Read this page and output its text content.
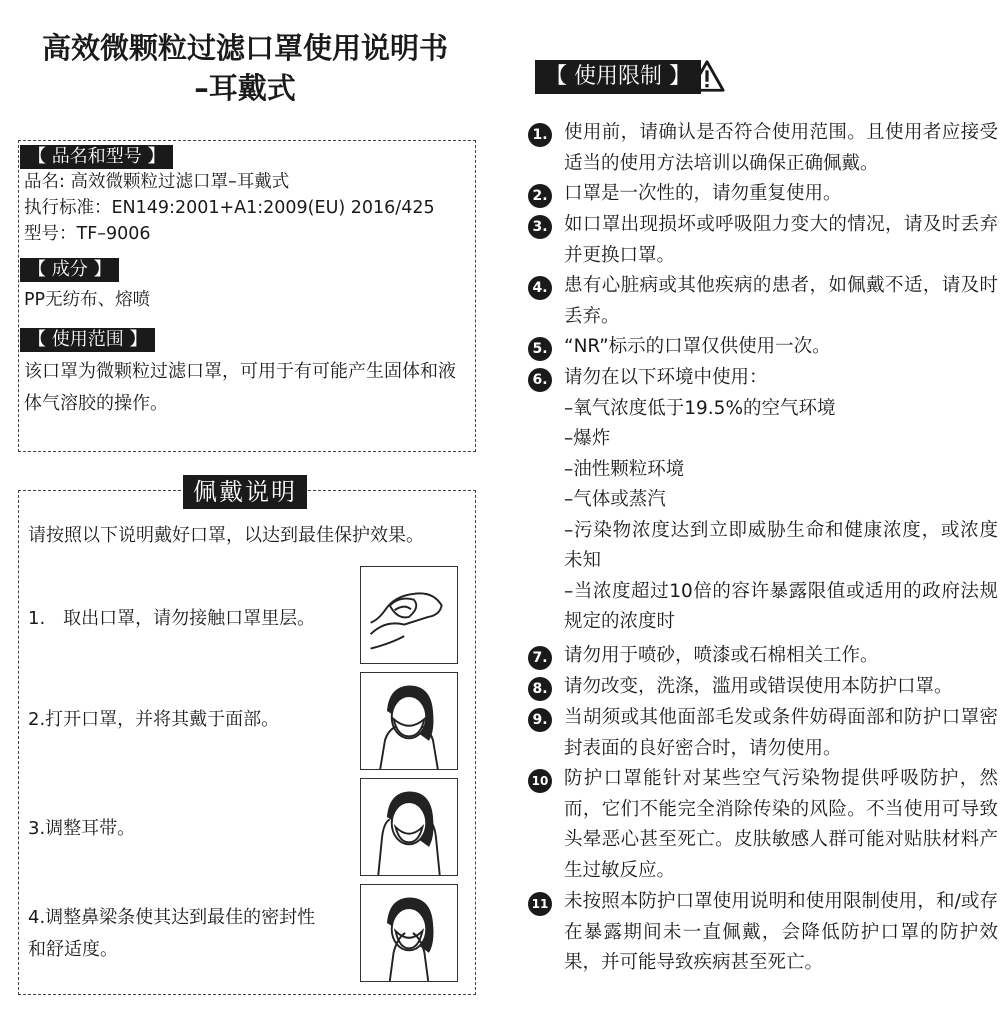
高效微颗粒过滤口罩使用说明书
–耳戴式
【 品名和型号 】
品名: 高效微颗粒过滤口罩–耳戴式
执行标准：EN149:2001+A1:2009(EU) 2016/425
型号：TF–9006
【 成分 】
PP无纺布、熔喷
【 使用范围 】
该口罩为微颗粒过滤口罩，可用于有可能产生固体和液体气溶胶的操作。
佩戴说明
请按照以下说明戴好口罩，以达到最佳保护效果。
1.　取出口罩，请勿接触口罩里层。
2.打开口罩，并将其戴于面部。
3.调整耳带。
4.调整鼻梁条使其达到最佳的密封性和舒适度。
【 使用限制 】
1. 使用前，请确认是否符合使用范围。且使用者应接受适当的使用方法培训以确保正确佩戴。
2. 口罩是一次性的，请勿重复使用。
3. 如口罩出现损坏或呼吸阻力变大的情况，请及时丢弃并更换口罩。
4. 患有心脏病或其他疾病的患者，如佩戴不适，请及时丢弃。
5. “NR”标示的口罩仅供使用一次。
6. 请勿在以下环境中使用：
–氧气浓度低于19.5%的空气环境
–爆炸
–油性颗粒环境
–气体或蒸汽
–污染物浓度达到立即威胁生命和健康浓度，或浓度未知
–当浓度超过10倍的容许暴露限值或适用的政府法规规定的浓度时
7. 请勿用于喷砂，喷漆或石棉相关工作。
8. 请勿改变，洗涤，滥用或错误使用本防护口罩。
9. 当胡须或其他面部毛发或条件妨碍面部和防护口罩密封表面的良好密合时，请勿使用。
10 防护口罩能针对某些空气污染物提供呼吸防护，然而，它们不能完全消除传染的风险。不当使用可导致头晕恶心甚至死亡。皮肤敏感人群可能对贴肤材料产生过敏反应。
11 未按照本防护口罩使用说明和使用限制使用，和/或存在暴露期间未一直佩戴，会降低防护口罩的防护效果，并可能导致疾病甚至死亡。
